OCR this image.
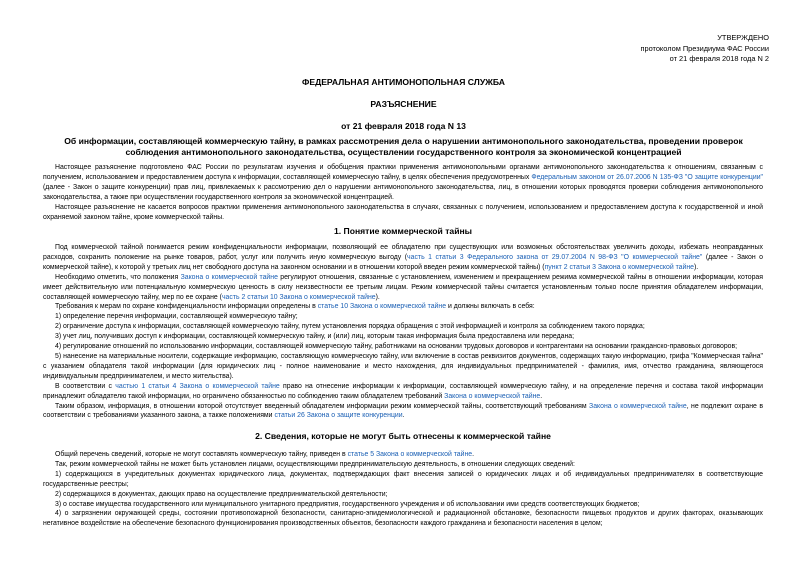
УТВЕРЖДЕНО
протоколом Президиума ФАС России
от 21 февраля 2018 года N 2
ФЕДЕРАЛЬНАЯ АНТИМОНОПОЛЬНАЯ СЛУЖБА
РАЗЪЯСНЕНИЕ
от 21 февраля 2018 года N 13
Об информации, составляющей коммерческую тайну, в рамках рассмотрения дела о нарушении антимонопольного законодательства, проведении проверок соблюдения антимонопольного законодательства, осуществлении государственного контроля за экономической концентрацией

Настоящее разъяснение подготовлено ФАС России по результатам изучения и обобщения практики применения антимонопольными органами антимонопольного законодательства к отношениям, связанным с получением, использованием и предоставлением доступа к информации, составляющей коммерческую тайну, в целях обеспечения предусмотренных Федеральным законом от 26.07.2006 N 135-ФЗ "О защите конкуренции" (далее - Закон о защите конкуренции) прав лиц, привлекаемых к рассмотрению дел о нарушении антимонопольного законодательства, лиц, в отношении которых проводятся проверки соблюдения антимонопольного законодательства, а также при осуществлении государственного контроля за экономической концентрацией.

Настоящее разъяснение не касается вопросов практики применения антимонопольного законодательства в случаях, связанных с получением, использованием и предоставлением доступа к государственной и иной охраняемой законом тайне, кроме коммерческой тайны.

1. Понятие коммерческой тайны

Под коммерческой тайной понимается режим конфиденциальности информации, позволяющий ее обладателю при существующих или возможных обстоятельствах увеличить доходы, избежать неоправданных расходов, сохранить положение на рынке товаров, работ, услуг или получить иную коммерческую выгоду (часть 1 статьи 3 Федерального закона от 29.07.2004 N 98-ФЗ "О коммерческой тайне" (далее - Закон о коммерческой тайне), к которой у третьих лиц нет свободного доступа на законном основании и в отношении которой введен режим коммерческой тайны) (пункт 2 статьи 3 Закона о коммерческой тайне).

Необходимо отметить, что положения Закона о коммерческой тайне регулируют отношения, связанные с установлением, изменением и прекращением режима коммерческой тайны в отношении информации, которая имеет действительную или потенциальную коммерческую ценность в силу неизвестности ее третьим лицам. Режим коммерческой тайны считается установленным только после принятия обладателем информации, составляющей коммерческую тайну, мер по ее охране (часть 2 статьи 10 Закона о коммерческой тайне).

Требования к мерам по охране конфиденциальности информации определены в статье 10 Закона о коммерческой тайне и должны включать в себя:

1) определение перечня информации, составляющей коммерческую тайну;

2) ограничение доступа к информации, составляющей коммерческую тайну, путем установления порядка обращения с этой информацией и контроля за соблюдением такого порядка;

3) учет лиц, получивших доступ к информации, составляющей коммерческую тайну, и (или) лиц, которым такая информация была предоставлена или передана;

4) регулирование отношений по использованию информации, составляющей коммерческую тайну, работниками на основании трудовых договоров и контрагентами на основании гражданско-правовых договоров;

5) нанесение на материальные носители, содержащие информацию, составляющую коммерческую тайну, или включение в состав реквизитов документов, содержащих такую информацию, грифа "Коммерческая тайна" с указанием обладателя такой информации (для юридических лиц - полное наименование и место нахождения, для индивидуальных предпринимателей - фамилия, имя, отчество гражданина, являющегося индивидуальным предпринимателем, и место жительства).

В соответствии с частью 1 статьи 4 Закона о коммерческой тайне право на отнесение информации к информации, составляющей коммерческую тайну, и на определение перечня и состава такой информации принадлежит обладателю такой информации, но ограничено обязанностью по соблюдению таким обладателем требований Закона о коммерческой тайне.

Таким образом, информация, в отношении которой отсутствует введенный обладателем информации режим коммерческой тайны, соответствующий требованиям Закона о коммерческой тайне, не подлежит охране в соответствии с требованиями указанного закона, а также положениями статьи 26 Закона о защите конкуренции.

2. Сведения, которые не могут быть отнесены к коммерческой тайне

Общий перечень сведений, которые не могут составлять коммерческую тайну, приведен в статье 5 Закона о коммерческой тайне.

Так, режим коммерческой тайны не может быть установлен лицами, осуществляющими предпринимательскую деятельность, в отношении следующих сведений:

1) содержащихся в учредительных документах юридического лица, документах, подтверждающих факт внесения записей о юридических лицах и об индивидуальных предпринимателях в соответствующие государственные реестры;

2) содержащихся в документах, дающих право на осуществление предпринимательской деятельности;

3) о составе имущества государственного или муниципального унитарного предприятия, государственного учреждения и об использовании ими средств соответствующих бюджетов;

4) о загрязнении окружающей среды, состоянии противопожарной безопасности, санитарно-эпидемиологической и радиационной обстановке, безопасности пищевых продуктов и других факторах, оказывающих негативное воздействие на обеспечение безопасного функционирования производственных объектов, безопасности каждого гражданина и безопасности населения в целом;
